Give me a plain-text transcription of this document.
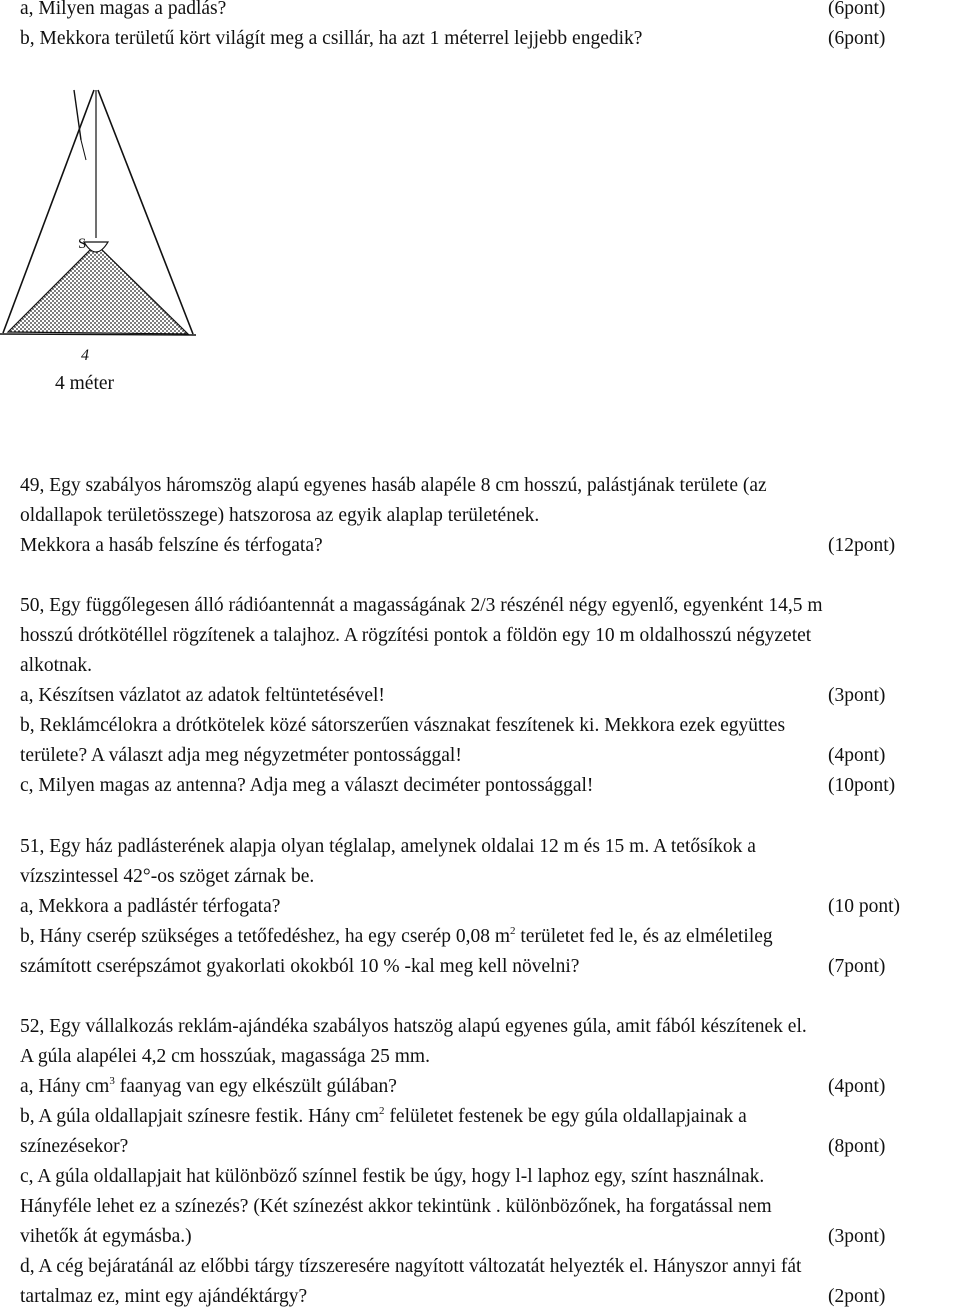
a, Milyen magas a padlás?	(6pont)
b, Mekkora területű kört világít meg a csillár, ha azt 1 méterrel lejjebb engedik?	(6pont)
S
4
4 méter
49, Egy szabályos háromszög alapú egyenes hasáb alapéle 8 cm hosszú, palástjának területe (az
oldallapok területösszege) hatszorosa az egyik alaplap területének.
Mekkora a hasáb felszíne és térfogata?	(12pont)
50, Egy függőlegesen álló rádióantennát a magasságának 2/3 részénél négy egyenlő, egyenként 14,5 m
hosszú drótkötéllel rögzítenek a talajhoz. A rögzítési pontok a földön egy 10 m oldalhosszú négyzetet
alkotnak.
a, Készítsen vázlatot az adatok feltüntetésével!	(3pont)
b, Reklámcélokra a drótkötelek közé sátorszerűen vásznakat feszítenek ki. Mekkora ezek együttes
területe? A választ adja meg négyzetméter pontossággal!	(4pont)
c, Milyen magas az antenna? Adja meg a választ deciméter pontossággal!	(10pont)
51, Egy ház padlásterének alapja olyan téglalap, amelynek oldalai 12 m és 15 m. A tetősíkok a
vízszintessel 42°-os szöget zárnak be.
a, Mekkora a padlástér térfogata?	(10 pont)
b, Hány cserép szükséges a tetőfedéshez, ha egy cserép 0,08 $m^2$ területet fed le, és az elméletileg
számított cserépszámot gyakorlati okokból 10 % -kal meg kell növelni?	(7pont)
52, Egy vállalkozás reklám-ajándéka szabályos hatszög alapú egyenes gúla, amit fából készítenek el.
A gúla alapélei 4,2 cm hosszúak, magassága 25 mm.
a, Hány $cm^3$ faanyag van egy elkészült gúlában?	(4pont)
b, A gúla oldallapjait színesre festik. Hány $cm^2$ felületet festenek be egy gúla oldallapjainak a
színezésekor?	(8pont)
c, A gúla oldallapjait hat különböző színnel festik be úgy, hogy l-l laphoz egy, színt használnak.
Hányféle lehet ez a színezés? (Két színezést akkor tekintünk . különbözőnek, ha forgatással nem
vihetők át egymásba.)	(3pont)
d, A cég bejáratánál az előbbi tárgy tízszeresére nagyított változatát helyezték el. Hányszor annyi fát
tartalmaz ez, mint egy ajándéktárgy?	(2pont)
